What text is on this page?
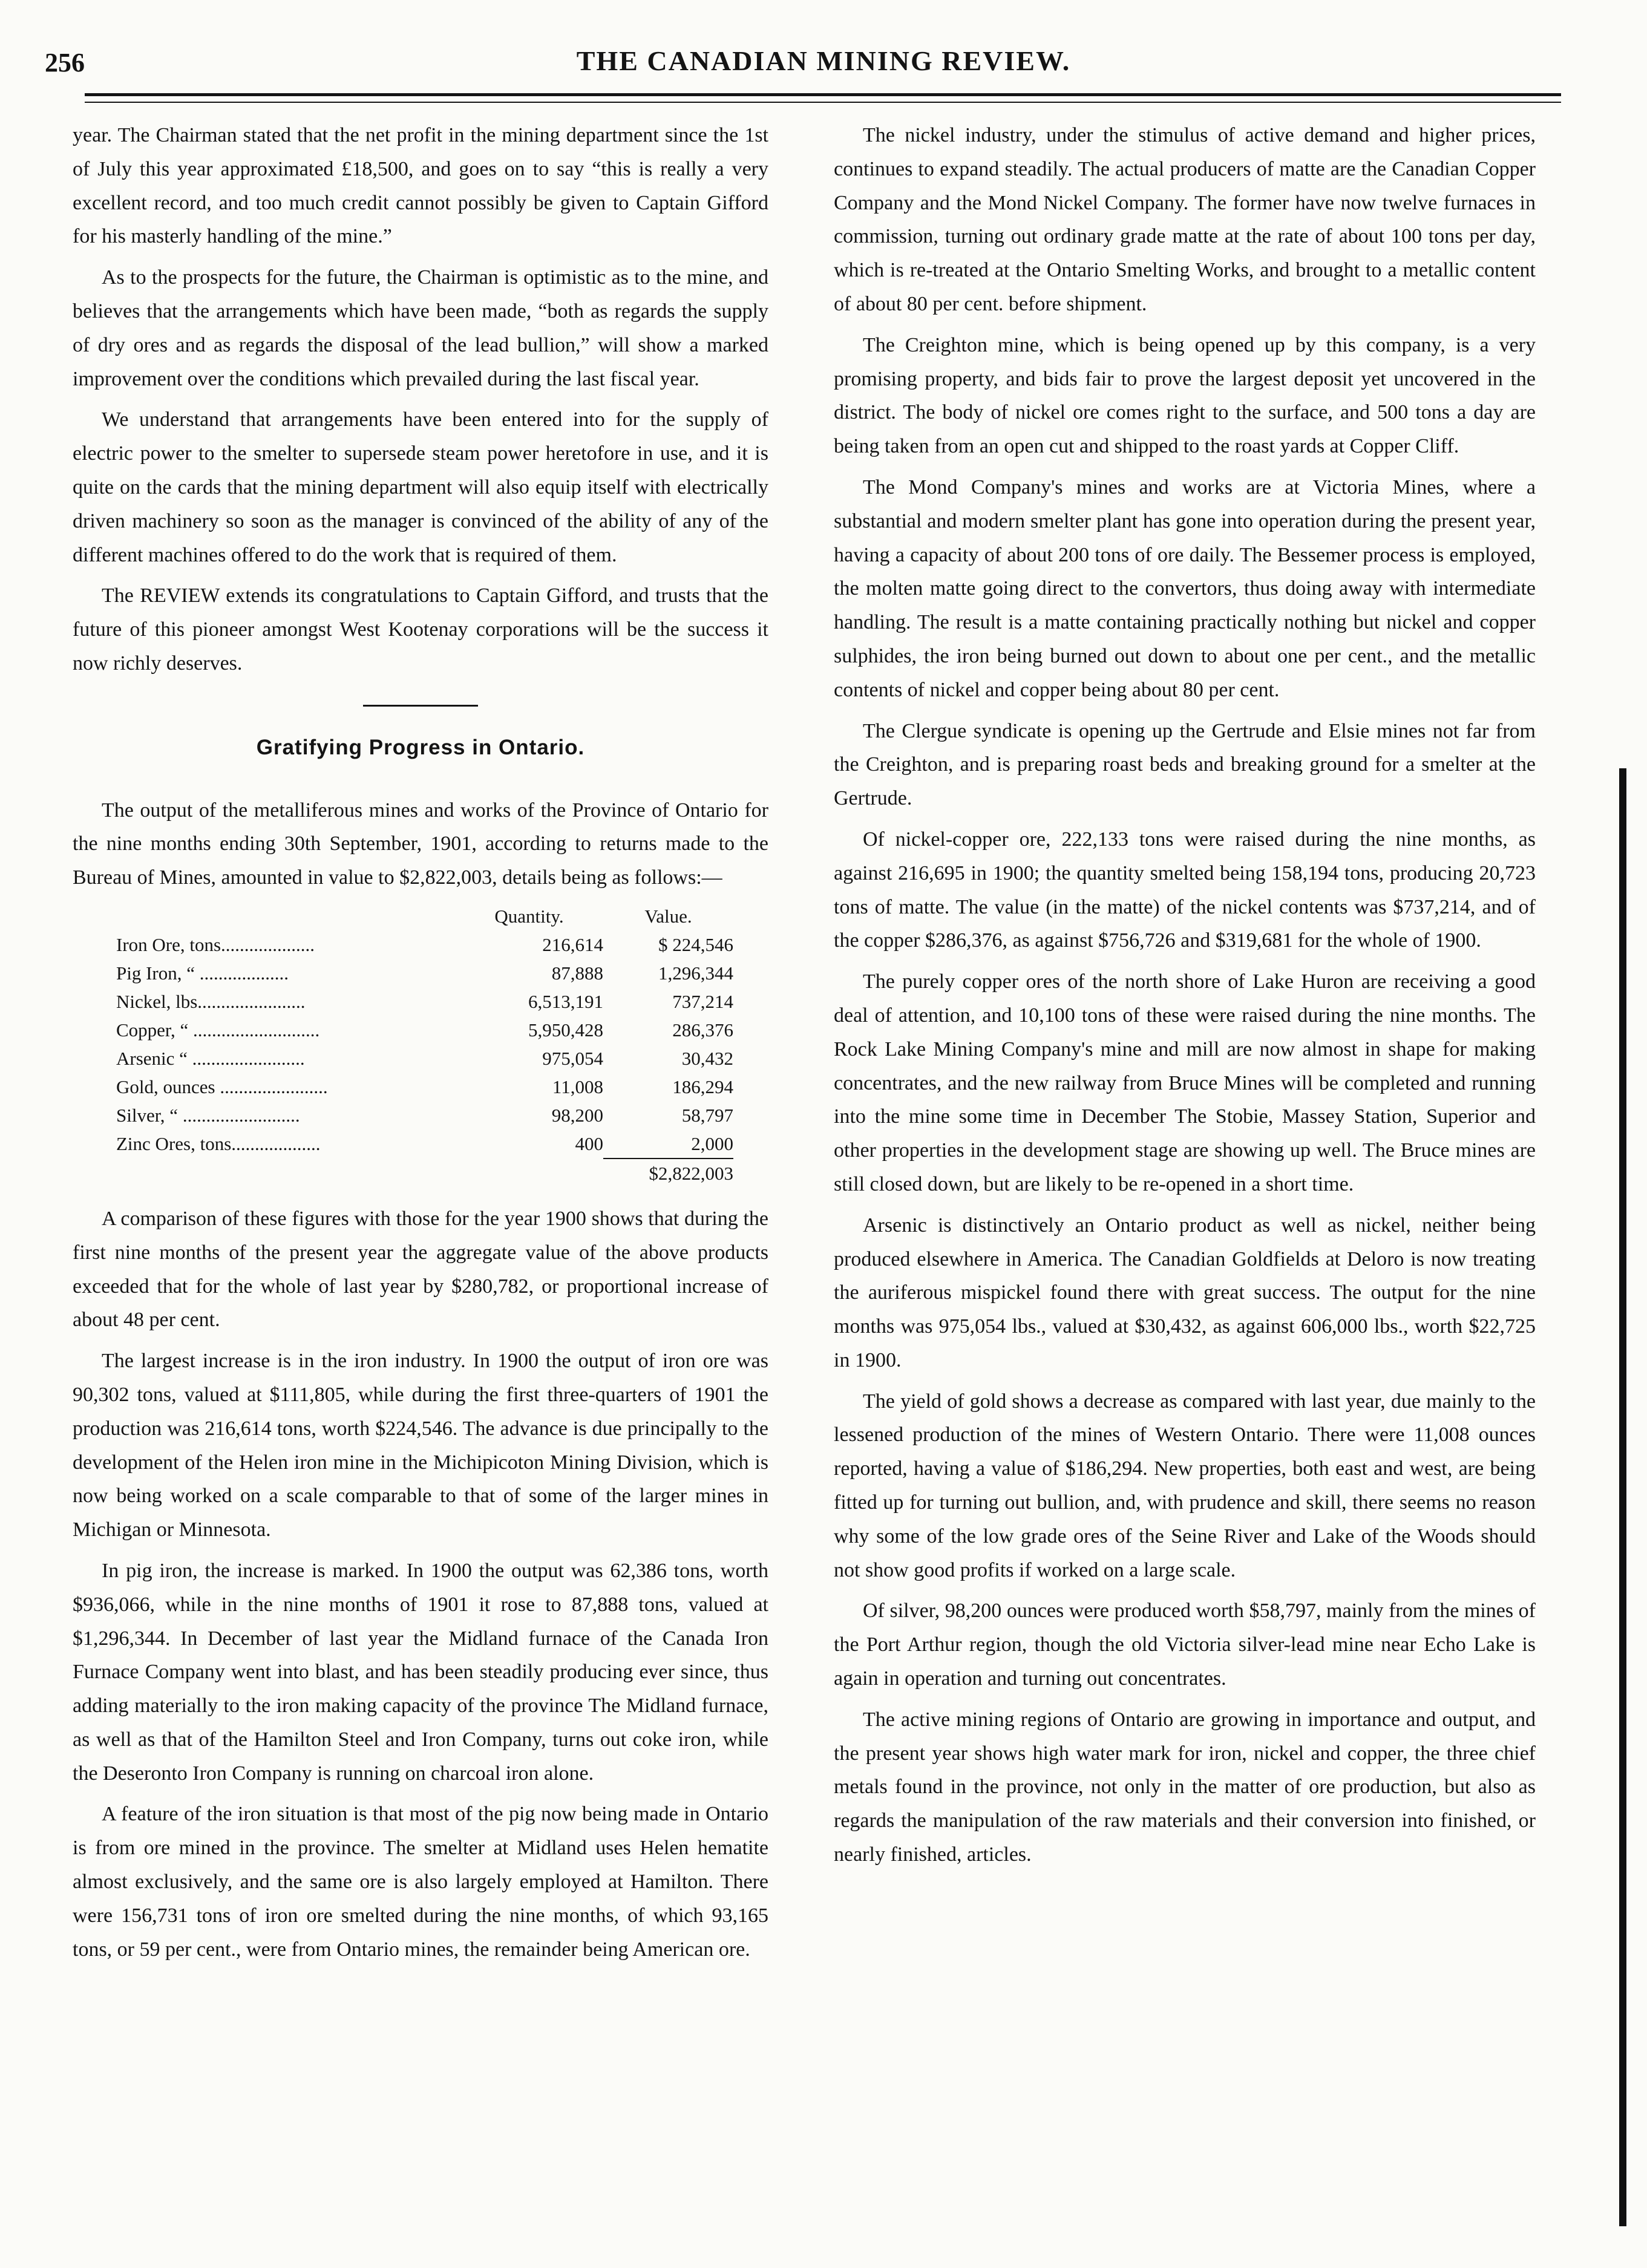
256	THE CANADIAN MINING REVIEW.

year. The Chairman stated that the net profit in the mining department since the 1st of July this year approximated £18,500, and goes on to say “this is really a very excellent record, and too much credit cannot possibly be given to Captain Gifford for his masterly handling of the mine.”

As to the prospects for the future, the Chairman is optimistic as to the mine, and believes that the arrangements which have been made, “both as regards the supply of dry ores and as regards the disposal of the lead bullion,” will show a marked improvement over the conditions which prevailed during the last fiscal year.

We understand that arrangements have been entered into for the supply of electric power to the smelter to supersede steam power heretofore in use, and it is quite on the cards that the mining department will also equip itself with electrically driven machinery so soon as the manager is convinced of the ability of any of the different machines offered to do the work that is required of them.

The REVIEW extends its congratulations to Captain Gifford, and trusts that the future of this pioneer amongst West Kootenay corporations will be the success it now richly deserves.

Gratifying Progress in Ontario.

The output of the metalliferous mines and works of the Province of Ontario for the nine months ending 30th September, 1901, according to returns made to the Bureau of Mines, amounted in value to $2,822,003, details being as follows:—

	Quantity.	Value.
Iron Ore, tons....................	216,614	$ 224,546
Pig Iron, “ ...................	87,888	1,296,344
Nickel, lbs.......................	6,513,191	737,214
Copper, “ ...........................	5,950,428	286,376
Arsenic “ ........................	975,054	30,432
Gold, ounces .......................	11,008	186,294
Silver, “ .........................	98,200	58,797
Zinc Ores, tons...................	400	2,000
		$2,822,003

A comparison of these figures with those for the year 1900 shows that during the first nine months of the present year the aggregate value of the above products exceeded that for the whole of last year by $280,782, or proportional increase of about 48 per cent.

The largest increase is in the iron industry. In 1900 the output of iron ore was 90,302 tons, valued at $111,805, while during the first three-quarters of 1901 the production was 216,614 tons, worth $224,546. The advance is due principally to the development of the Helen iron mine in the Michipicoton Mining Division, which is now being worked on a scale comparable to that of some of the larger mines in Michigan or Minnesota.

In pig iron, the increase is marked. In 1900 the output was 62,386 tons, worth $936,066, while in the nine months of 1901 it rose to 87,888 tons, valued at $1,296,344. In December of last year the Midland furnace of the Canada Iron Furnace Company went into blast, and has been steadily producing ever since, thus adding materially to the iron making capacity of the province The Midland furnace, as well as that of the Hamilton Steel and Iron Company, turns out coke iron, while the Deseronto Iron Company is running on charcoal iron alone.

A feature of the iron situation is that most of the pig now being made in Ontario is from ore mined in the province. The smelter at Midland uses Helen hematite almost exclusively, and the same ore is also largely employed at Hamilton. There were 156,731 tons of iron ore smelted during the nine months, of which 93,165 tons, or 59 per cent., were from Ontario mines, the remainder being American ore.

The nickel industry, under the stimulus of active demand and higher prices, continues to expand steadily. The actual producers of matte are the Canadian Copper Company and the Mond Nickel Company. The former have now twelve furnaces in commission, turning out ordinary grade matte at the rate of about 100 tons per day, which is re-treated at the Ontario Smelting Works, and brought to a metallic content of about 80 per cent. before shipment.

The Creighton mine, which is being opened up by this company, is a very promising property, and bids fair to prove the largest deposit yet uncovered in the district. The body of nickel ore comes right to the surface, and 500 tons a day are being taken from an open cut and shipped to the roast yards at Copper Cliff.

The Mond Company's mines and works are at Victoria Mines, where a substantial and modern smelter plant has gone into operation during the present year, having a capacity of about 200 tons of ore daily. The Bessemer process is employed, the molten matte going direct to the convertors, thus doing away with intermediate handling. The result is a matte containing practically nothing but nickel and copper sulphides, the iron being burned out down to about one per cent., and the metallic contents of nickel and copper being about 80 per cent.

The Clergue syndicate is opening up the Gertrude and Elsie mines not far from the Creighton, and is preparing roast beds and breaking ground for a smelter at the Gertrude.

Of nickel-copper ore, 222,133 tons were raised during the nine months, as against 216,695 in 1900; the quantity smelted being 158,194 tons, producing 20,723 tons of matte. The value (in the matte) of the nickel contents was $737,214, and of the copper $286,376, as against $756,726 and $319,681 for the whole of 1900.

The purely copper ores of the north shore of Lake Huron are receiving a good deal of attention, and 10,100 tons of these were raised during the nine months. The Rock Lake Mining Company's mine and mill are now almost in shape for making concentrates, and the new railway from Bruce Mines will be completed and running into the mine some time in December The Stobie, Massey Station, Superior and other properties in the development stage are showing up well. The Bruce mines are still closed down, but are likely to be re-opened in a short time.

Arsenic is distinctively an Ontario product as well as nickel, neither being produced elsewhere in America. The Canadian Goldfields at Deloro is now treating the auriferous mispickel found there with great success. The output for the nine months was 975,054 lbs., valued at $30,432, as against 606,000 lbs., worth $22,725 in 1900.

The yield of gold shows a decrease as compared with last year, due mainly to the lessened production of the mines of Western Ontario. There were 11,008 ounces reported, having a value of $186,294. New properties, both east and west, are being fitted up for turning out bullion, and, with prudence and skill, there seems no reason why some of the low grade ores of the Seine River and Lake of the Woods should not show good profits if worked on a large scale.

Of silver, 98,200 ounces were produced worth $58,797, mainly from the mines of the Port Arthur region, though the old Victoria silver-lead mine near Echo Lake is again in operation and turning out concentrates.

The active mining regions of Ontario are growing in importance and output, and the present year shows high water mark for iron, nickel and copper, the three chief metals found in the province, not only in the matter of ore production, but also as regards the manipulation of the raw materials and their conversion into finished, or nearly finished, articles.
